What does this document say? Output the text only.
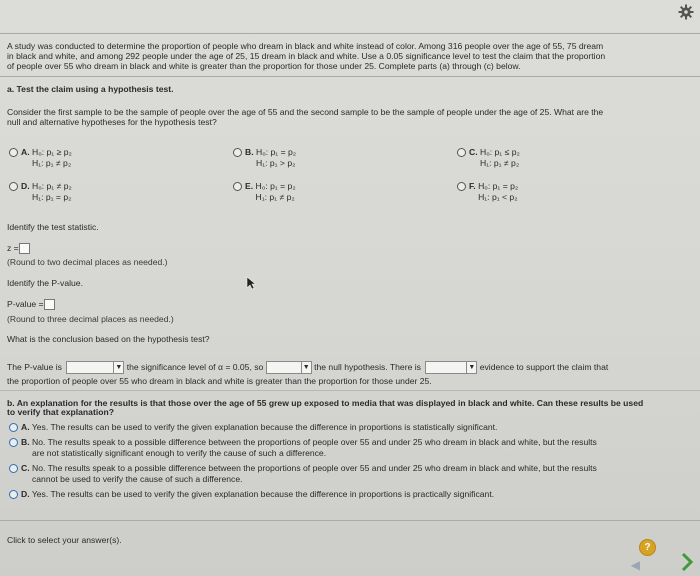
A study was conducted to determine the proportion of people who dream in black and white instead of color. Among 316 people over the age of 55, 75 dream
in black and white, and among 292 people under the age of 25, 15 dream in black and white. Use a 0.05 significance level to test the claim that the proportion
of people over 55 who dream in black and white is greater than the proportion for those under 25. Complete parts (a) through (c) below.
a. Test the claim using a hypothesis test.
Consider the first sample to be the sample of people over the age of 55 and the second sample to be the sample of people under the age of 25. What are the
null and alternative hypotheses for the hypothesis test?
A. H₀: p₁ ≥ p₂
H₁: p₁ ≠ p₂
B. H₀: p₁ = p₂
H₁: p₁ > p₂
C. H₀: p₁ ≤ p₂
H₁: p₁ ≠ p₂
D. H₀: p₁ ≠ p₂
H₁: p₁ = p₂
E. H₀: p₁ = p₂
H₁: p₁ ≠ p₂
F. H₀: p₁ = p₂
H₁: p₁ < p₂
Identify the test statistic.
z =
(Round to two decimal places as needed.)
Identify the P-value.
P-value =
(Round to three decimal places as needed.)
What is the conclusion based on the hypothesis test?
The P-value is	▼ the significance level of α = 0.05, so	▼ the null hypothesis. There is	▼ evidence to support the claim that
the proportion of people over 55 who dream in black and white is greater than the proportion for those under 25.
b. An explanation for the results is that those over the age of 55 grew up exposed to media that was displayed in black and white. Can these results be used
to verify that explanation?
A. Yes. The results can be used to verify the given explanation because the difference in proportions is statistically significant.
B. No. The results speak to a possible difference between the proportions of people over 55 and under 25 who dream in black and white, but the results
are not statistically significant enough to verify the cause of such a difference.
C. No. The results speak to a possible difference between the proportions of people over 55 and under 25 who dream in black and white, but the results
cannot be used to verify the cause of such a difference.
D. Yes. The results can be used to verify the given explanation because the difference in proportions is practically significant.
Click to select your answer(s).
?
◀
